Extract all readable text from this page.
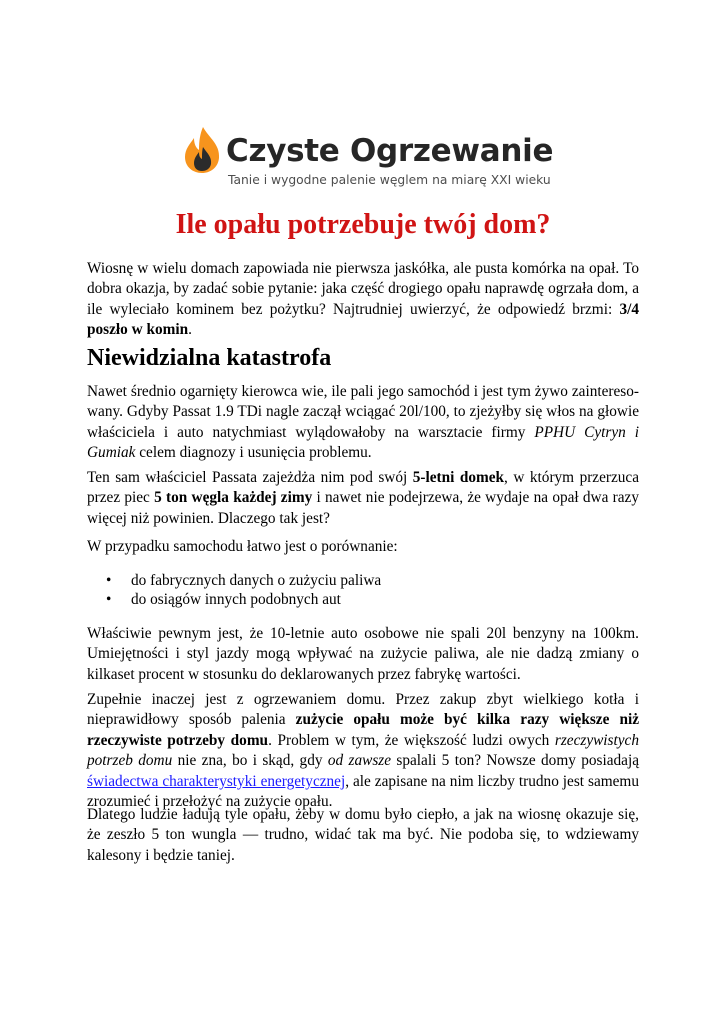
Czyste Ogrzewanie
Tanie i wygodne palenie węglem na miarę XXI wieku
Ile opału potrzebuje twój dom?

Wiosnę w wielu domach zapowiada nie pierwsza jaskółka, ale pusta komórka na opał. To dobra okazja, by zadać sobie pytanie: jaka część drogiego opału naprawdę ogrzała dom, a ile wyleciało kominem bez pożytku? Najtrudniej uwierzyć, że odpowiedź brzmi: 3/4 poszło w komin.

Niewidzialna katastrofa

Nawet średnio ogarnięty kierowca wie, ile pali jego samochód i jest tym żywo zainteresowany. Gdyby Passat 1.9 TDi nagle zaczął wciągać 20l/100, to zjeżyłby się włos na głowie właściciela i auto natychmiast wylądowałoby na warsztacie firmy PPHU Cytryn i Gumiak celem diagnozy i usunięcia problemu.

Ten sam właściciel Passata zajeżdża nim pod swój 5-letni domek, w którym przerzuca przez piec 5 ton węgla każdej zimy i nawet nie podejrzewa, że wydaje na opał dwa razy więcej niż powinien. Dlaczego tak jest?

W przypadku samochodu łatwo jest o porównanie:

• do fabrycznych danych o zużyciu paliwa
• do osiągów innych podobnych aut

Właściwie pewnym jest, że 10-letnie auto osobowe nie spali 20l benzyny na 100km. Umiejętności i styl jazdy mogą wpływać na zużycie paliwa, ale nie dadzą zmiany o kilkaset procent w stosunku do deklarowanych przez fabrykę wartości.

Zupełnie inaczej jest z ogrzewaniem domu. Przez zakup zbyt wielkiego kotła i nieprawidłowy sposób palenia zużycie opału może być kilka razy większe niż rzeczywiste potrzeby domu. Problem w tym, że większość ludzi owych rzeczywistych potrzeb domu nie zna, bo i skąd, gdy od zawsze spalali 5 ton? Nowsze domy posiadają świadectwa charakterystyki energetycznej, ale zapisane na nim liczby trudno jest samemu zrozumieć i przełożyć na zużycie opału.

Dlatego ludzie ładują tyle opału, żeby w domu było ciepło, a jak na wiosnę okazuje się, że zeszło 5 ton wungla — trudno, widać tak ma być. Nie podoba się, to wdziewamy kalesony i będzie taniej.
